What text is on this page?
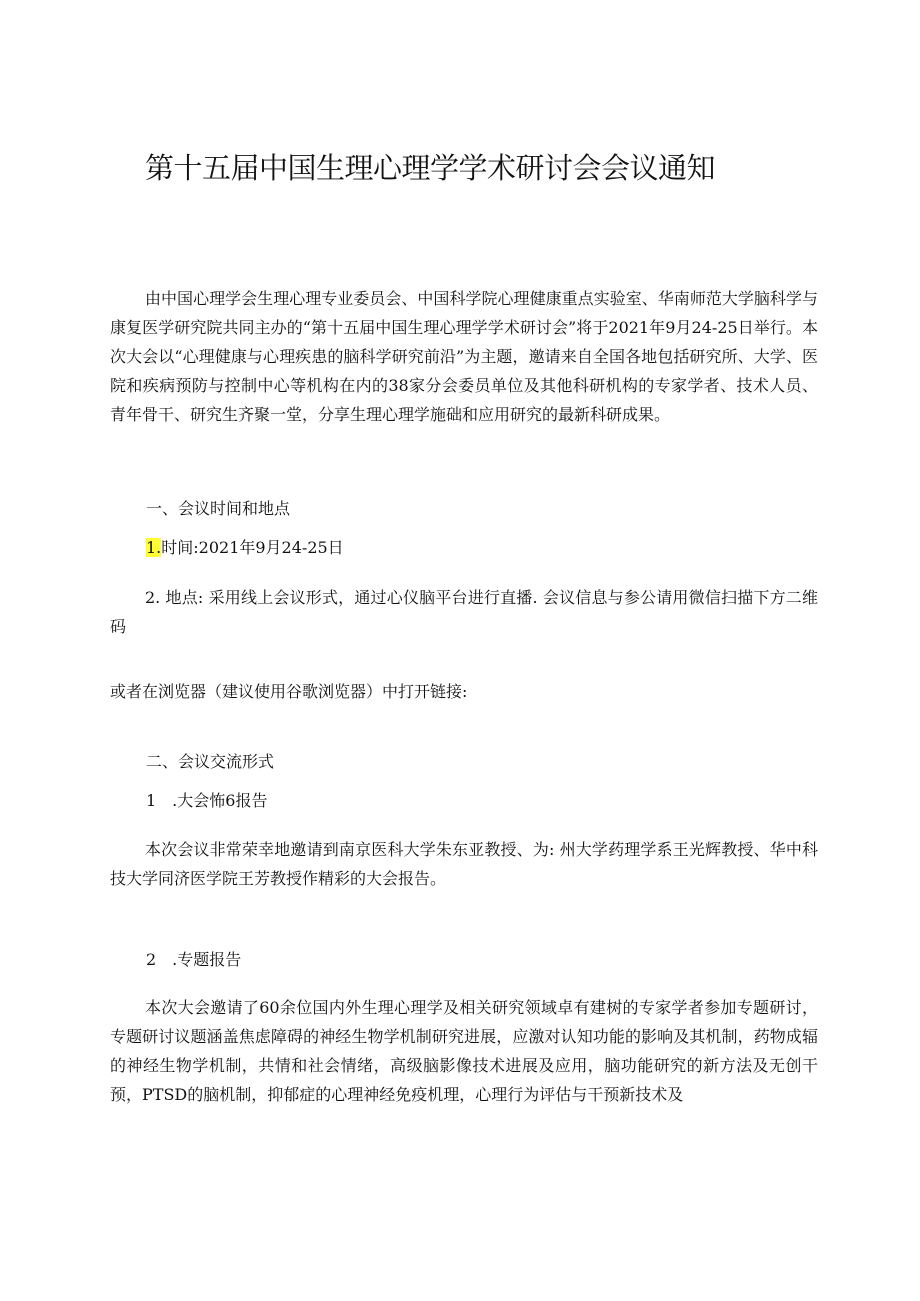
第十五届中国生理心理学学术研讨会会议通知

由中国心理学会生理心理专业委员会、中国科学院心理健康重点实验室、华南师范大学脑科学与康复医学研究院共同主办的“第十五届中国生理心理学学术研讨会”将于2021年9月24-25日举行。本次大会以“心理健康与心理疾患的脑科学研究前沿”为主题，邀请来自全国各地包括研究所、大学、医院和疾病预防与控制中心等机构在内的38家分会委员单位及其他科研机构的专家学者、技术人员、青年骨干、研究生齐聚一堂，分享生理心理学施础和应用研究的最新科研成果。

一、会议时间和地点

1.时间:2021年9月24-25日

2. 地点: 采用线上会议形式，通过心仪脑平台进行直播. 会议信息与参公请用微信扫描下方二维码

或者在浏览器（建议使用谷歌浏览器）中打开链接:

二、会议交流形式

1　.大会怖6报告

本次会议非常荣幸地邀请到南京医科大学朱东亚教授、为: 州大学药理学系王光辉教授、华中科技大学同济医学院王芳教授作精彩的大会报告。

2　.专题报告

本次大会邀请了60余位国内外生理心理学及相关研究领域卓有建树的专家学者参加专题研讨，专题研讨议题涵盖焦虑障碍的神经生物学机制研究进展，应激对认知功能的影响及其机制，药物成辐的神经生物学机制，共情和社会情绪，高级脑影像技术进展及应用，脑功能研究的新方法及无创干预，PTSD的脑机制，抑郁症的心理神经免疫机理，心理行为评估与干预新技术及
